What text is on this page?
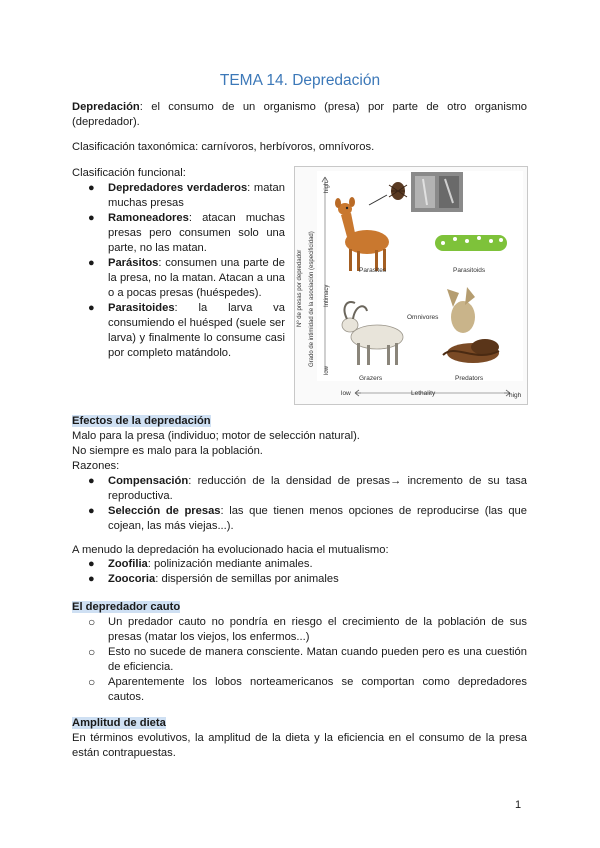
TEMA 14. Depredación

Depredación: el consumo de un organismo (presa) por parte de otro organismo (depredador).

Clasificación taxonómica: carnívoros, herbívoros, omnívoros.

Clasificación funcional:

● Depredadores verdaderos: matan muchas presas
● Ramoneadores: atacan muchas presas pero consumen solo una parte, no las matan.
● Parásitos: consumen una parte de la presa, no la matan. Atacan a una o a pocas presas (huéspedes).
● Parasitoides: la larva va consumiendo el huésped (suele ser larva) y finalmente lo consume casi por completo matándolo.
Parasites	Parasitoids
Omnivores
Grazers	Predators
low	Lethality	high
high
low
Intimacy
Nº de presas por depredador Grado de intimidad de la asociación (especificidad)

Efectos de la depredación

Malo para la presa (individuo; motor de selección natural).

No siempre es malo para la población.

Razones:

● Compensación: reducción de la densidad de presas→ incremento de su tasa reproductiva.
● Selección de presas: las que tienen menos opciones de reproducirse (las que cojean, las más viejas...).

A menudo la depredación ha evolucionado hacia el mutualismo:

● Zoofilia: polinización mediante animales.
● Zoocoria: dispersión de semillas por animales

El depredador cauto

○ Un predador cauto no pondría en riesgo el crecimiento de la población de sus presas (matar los viejos, los enfermos...)
○ Esto no sucede de manera consciente. Matan cuando pueden pero es una cuestión de eficiencia.
○ Aparentemente los lobos norteamericanos se comportan como depredadores cautos.

Amplitud de dieta

En términos evolutivos, la amplitud de la dieta y la eficiencia en el consumo de la presa están contrapuestas.

1
